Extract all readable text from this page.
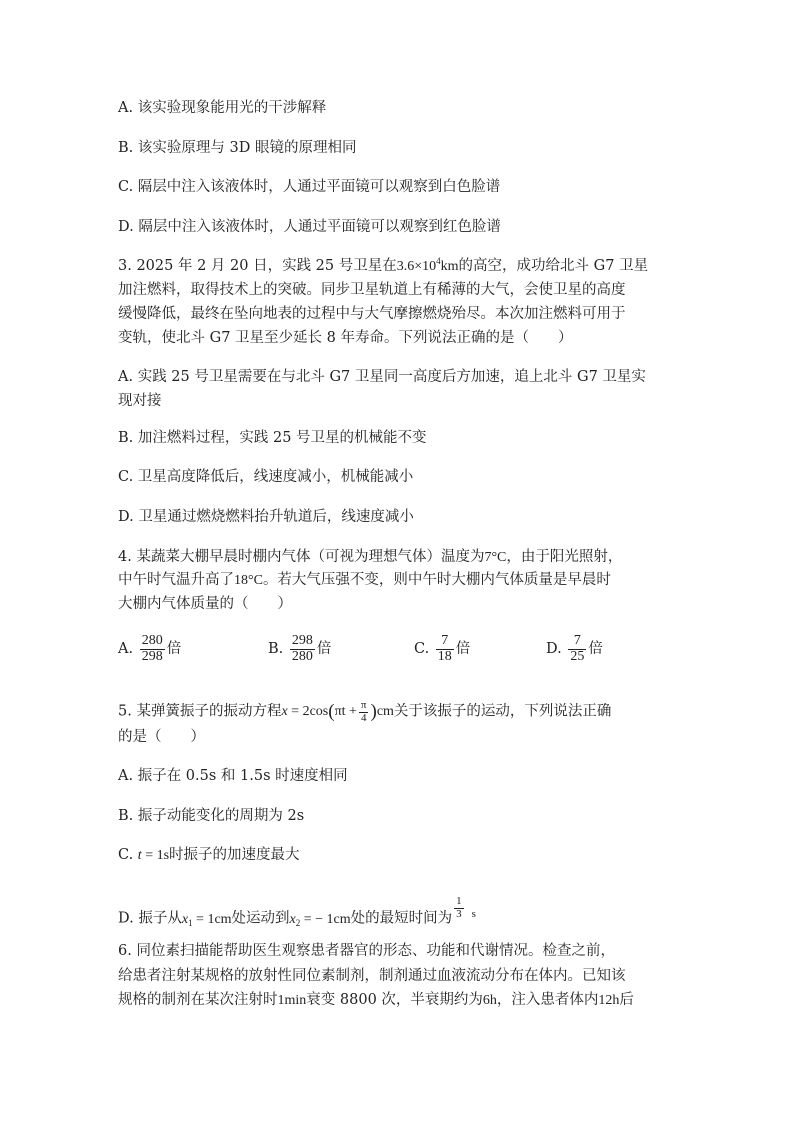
A. 该实验现象能用光的干涉解释
B. 该实验原理与 3D 眼镜的原理相同
C. 隔层中注入该液体时，人通过平面镜可以观察到白色脸谱
D. 隔层中注入该液体时，人通过平面镜可以观察到红色脸谱
3. 2025 年 2 月 20 日，实践 25 号卫星在$3.6\times 10^4km$的高空，成功给北斗 G7 卫星
加注燃料，取得技术上的突破。同步卫星轨道上有稀薄的大气，会使卫星的高度
缓慢降低，最终在坠向地表的过程中与大气摩擦燃烧殆尽。本次加注燃料可用于
变轨，使北斗 G7 卫星至少延长 8 年寿命。下列说法正确的是（　　）
A. 实践 25 号卫星需要在与北斗 G7 卫星同一高度后方加速，追上北斗 G7 卫星实
现对接
B. 加注燃料过程，实践 25 号卫星的机械能不变
C. 卫星高度降低后，线速度减小，机械能减小
D. 卫星通过燃烧燃料抬升轨道后，线速度减小
4. 某蔬菜大棚早晨时棚内气体（可视为理想气体）温度为7°C，由于阳光照射，
中午时气温升高了18°C。若大气压强不变，则中午时大棚内气体质量是早晨时
大棚内气体质量的（　　）
A. $\frac{280}{298}$ 倍	B. $\frac{298}{280}$ 倍	C. $\frac{7}{18}$ 倍	D. $\frac{7}{25}$ 倍
5. 某弹簧振子的振动方程$x = 2\cos(\pi t + \frac{\pi}{4} )cm$关于该振子的运动，下列说法正确
的是（　　）
A. 振子在 0.5s 和 1.5s 时速度相同
B. 振子动能变化的周期为 2s
C. t = 1s时振子的加速度最大
D. 振子从$x_1 = 1cm$处运动到$x_2$ = − 1cm处的最短时间为 $\frac{1}{3} ^s$
6. 同位素扫描能帮助医生观察患者器官的形态、功能和代谢情况。检查之前，
给患者注射某规格的放射性同位素制剂，制剂通过血液流动分布在体内。已知该
规格的制剂在某次注射时1min衰变 8800 次，半衰期约为6h，注入患者体内12h后
